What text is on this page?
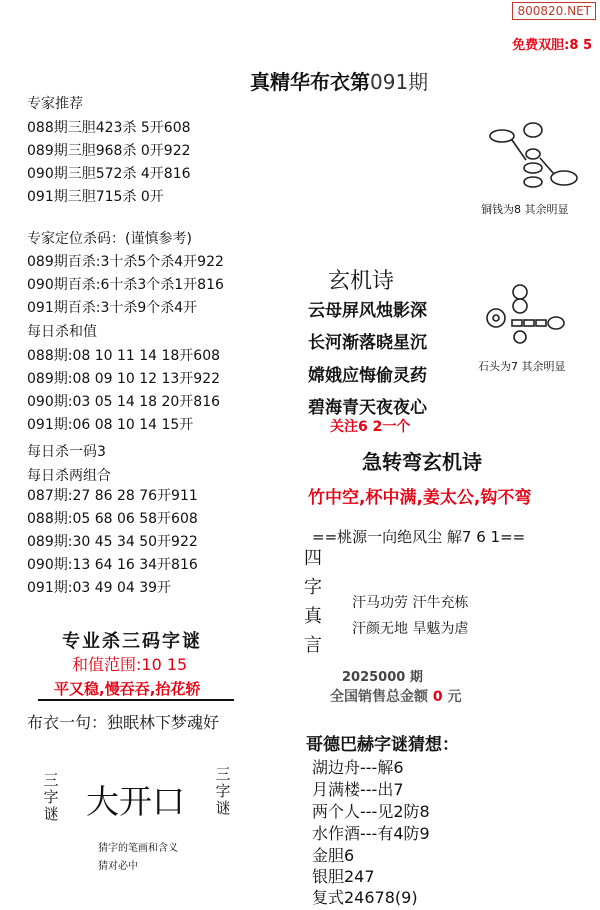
800820.NET
免费双胆:8 5
真精华布衣第091期
专家推荐
088期三胆423杀 5开608
089期三胆968杀 0开922
090期三胆572杀 4开816
091期三胆715杀 0开
专家定位杀码：(谨慎参考)
089期百杀:3十杀5个杀4开922
090期百杀:6十杀3个杀1开816
091期百杀:3十杀9个杀4开
每日杀和值
088期:08 10 11 14 18开608
089期:08 09 10 12 13开922
090期:03 05 14 18 20开816
091期:06 08 10 14 15开
每日杀一码3
每日杀两组合
087期:27 86 28 76开911
088期:05 68 06 58开608
089期:30 45 34 50开922
090期:13 64 16 34开816
091期:03 49 04 39开
专业杀三码字谜
和值范围:10 15
平又稳,慢吞吞,抬花轿
布衣一句：独眠林下梦魂好
三字谜
三字谜
大开口
猜字的笔画和含义
猜对必中
铜钱为8 其余明显
石头为7 其余明显
玄机诗
云母屏风烛影深
长河渐落晓星沉
嫦娥应悔偷灵药
碧海青天夜夜心
关注6 2一个
急转弯玄机诗
竹中空,杯中满,姜太公,钩不弯
==桃源一向绝风尘 解7 6 1==
四
字
真
言
汗马功劳 汗牛充栋
汗颜无地 旱魃为虐
2025000 期
全国销售总金额 0 元
哥德巴赫字谜猜想：
湖边舟---解6
月满楼---出7
两个人---见2防8
水作酒---有4防9
金胆6
银胆247
复式24678(9)
